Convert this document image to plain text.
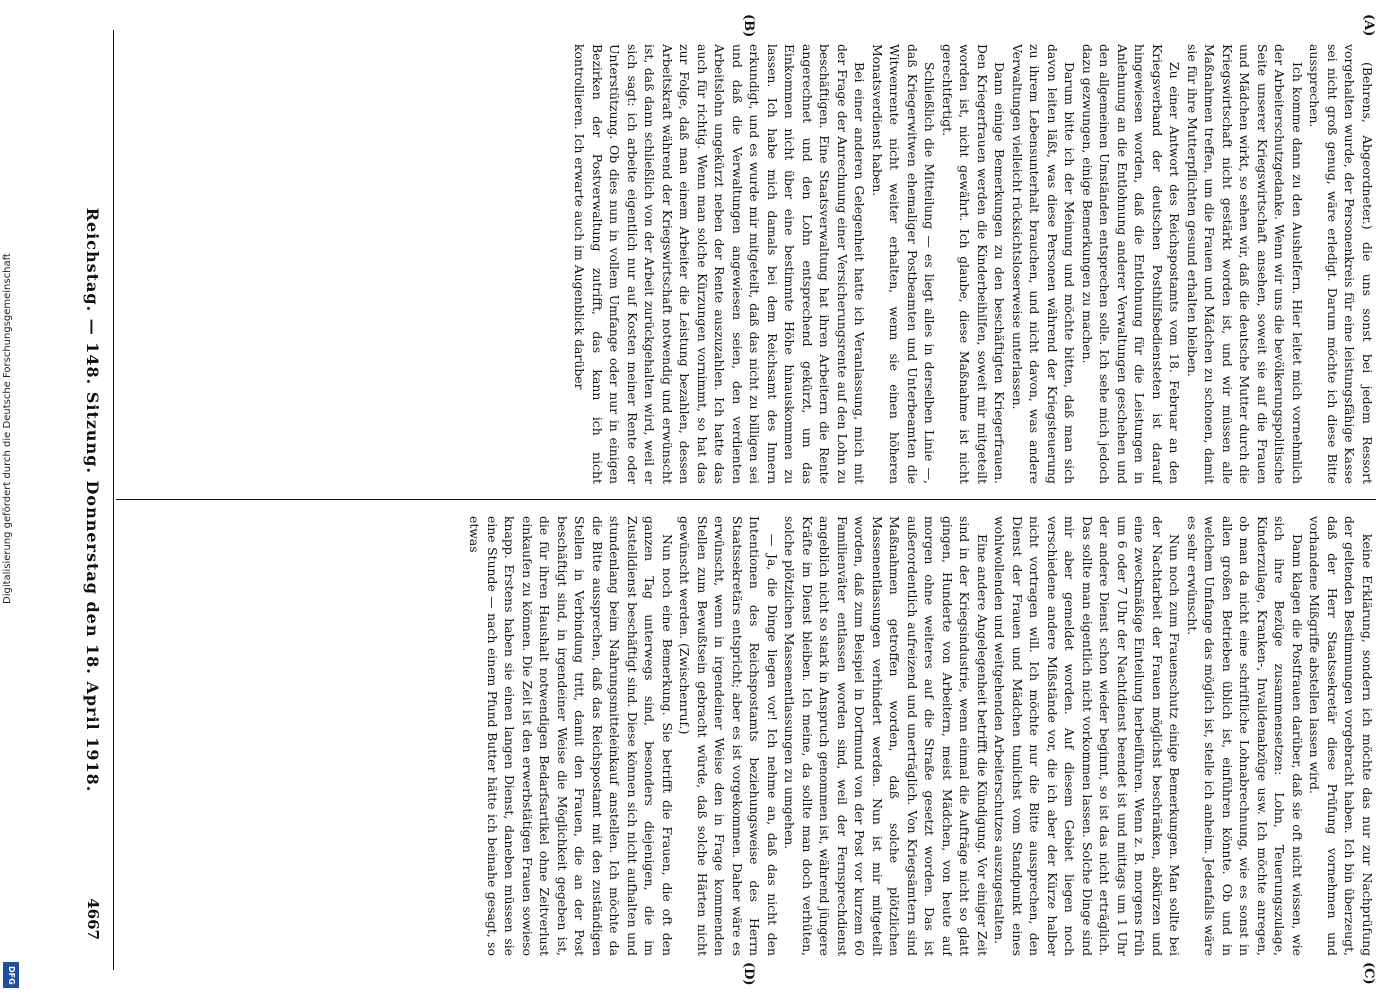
Digitalisierung gefördert durch die Deutsche Forschungsgemeinschaft
DFG

(Behrens, Abgeordneter.) die uns sonst bei jedem Ressort vorgehalten wurde, der Personenkreis für eine leistungsfähige Kasse sei nicht groß genug, wäre erledigt. Darum möchte ich diese Bitte aussprechen.

Ich komme dann zu den Aushelfern. Hier leitet mich vornehmlich der Arbeiterschutzgedanke. Wenn wir uns die bevölkerungspolitische Seite unserer Kriegswirtschaft ansehen, soweit sie auf die Frauen und Mädchen wirkt, so sehen wir, daß die deutsche Mutter durch die Kriegswirtschaft nicht gestärkt worden ist, und wir müssen alle Maßnahmen treffen, um die Frauen und Mädchen zu schonen, damit sie für ihre Mutterpflichten gesund erhalten bleiben.

Zu einer Antwort des Reichspostamts vom 18. Februar an den Kriegsverband der deutschen Posthilfsbediensteten ist darauf hingewiesen worden, daß die Entlohnung für die Leistungen in Anlehnung an die Entlohnung anderer Verwaltungen geschehen und den allgemeinen Umständen entsprechen solle. Ich sehe mich jedoch dazu gezwungen, einige Bemerkungen zu machen.

Darum bitte ich der Meinung und möchte bitten, daß man sich davon leiten läßt, was diese Personen während der Kriegsteuerung zu ihrem Lebensunterhalt brauchen, und nicht davon, was andere Verwaltungen vielleicht rücksichtsloserweise unterlassen.

Dann einige Bemerkungen zu den beschäftigten Kriegerfrauen. Den Kriegerfrauen werden die Kinderbeihilfen, soweit mir mitgeteilt worden ist, nicht gewährt. Ich glaube, diese Maßnahme ist nicht gerechtfertigt.

Schließlich die Mitteilung — es liegt alles in derselben Linie —, daß Kriegerwitwen ehemaliger Postbeamten und Unterbeamten die Witwenrente nicht weiter erhalten, wenn sie einen höheren Monatsverdienst haben.

Bei einer anderen Gelegenheit hatte ich Veranlassung, mich mit der Frage der Anrechnung einer Versicherungsrente auf den Lohn zu beschäftigen. Eine Staatsverwaltung hat ihren Arbeitern die Rente angerechnet und den Lohn entsprechend gekürzt, um das Einkommen nicht über eine bestimmte Höhe hinauskommen zu lassen. Ich habe mich damals bei dem Reichsamt des Innern erkundigt, und es wurde mir mitgeteilt, daß das nicht zu billigen sei und daß die Verwaltungen angewiesen seien, den verdienten Arbeitslohn ungekürzt neben der Rente auszuzahlen. Ich hatte das auch für richtig. Wenn man solche Kürzungen vornimmt, so hat das zur Folge, daß man einem Arbeiter die Leistung bezahlen, dessen Arbeitskraft während der Kriegswirtschaft notwendig und erwünscht ist, daß dann schließlich von der Arbeit zurückgehalten wird, weil er sich sagt: ich arbeite eigentlich nur auf Kosten meiner Rente oder Unterstützung. Ob dies nun in vollem Umfange oder nur in einigen Bezirken der Postverwaltung zutrifft, das kann ich nicht kontrollieren. Ich erwarte auch im Augenblick darüber

keine Erklärung, sondern ich möchte das nur zur Nachprüfung der geltenden Bestimmungen vorgebracht haben. Ich bin überzeugt, daß der Herr Staatssekretär diese Prüfung vornehmen und vorhandene Mißgriffe abstellen lassen wird.

Dann klagen die Postfrauen darüber, daß sie oft nicht wissen, wie sich ihre Bezüge zusammensetzen: Lohn, Teuerungszulage, Kinderzulage, Kranken-, Invalidenabzüge usw. Ich möchte anregen, ob man da nicht eine schriftliche Lohnabrechnung, wie es sonst in allen großen Betrieben üblich ist, einführen könnte. Ob und in welchem Umfange das möglich ist, stelle ich anheim. Jedenfalls wäre es sehr erwünscht.

Nun noch zum Frauenschutz einige Bemerkungen. Man sollte bei der Nachtarbeit der Frauen möglichst beschränken, abkürzen und eine zweckmäßige Einteilung herbeiführen. Wenn z. B. morgens früh um 6 oder 7 Uhr der Nachtdienst beendet ist und mittags um 1 Uhr der andere Dienst schon wieder beginnt, so ist das nicht erträglich. Das sollte man eigentlich nicht vorkommen lassen. Solche Dinge sind mir aber gemeldet worden. Auf diesem Gebiet liegen noch verschiedene andere Mißstände vor, die ich aber der Kürze halber nicht vortragen will. Ich möchte nur die Bitte aussprechen, den Dienst der Frauen und Mädchen tunlichst vom Standpunkt eines wohlwollenden und weitgehenden Arbeiterschutzes auszugestalten.

Eine andere Angelegenheit betrifft die Kündigung. Vor einiger Zeit sind in der Kriegsindustrie, wenn einmal die Aufträge nicht so glatt gingen, Hunderte von Arbeitern, meist Mädchen, von heute auf morgen ohne weiteres auf die Straße gesetzt worden. Das ist außerordentlich aufreizend und unerträglich. Von Kriegsämtern sind Maßnahmen getroffen worden, daß solche plötzlichen Massenentlassungen verhindert werden. Nun ist mir mitgeteilt worden, daß zum Beispiel in Dortmund von der Post vor kurzem 60 Familienväter entlassen worden sind, weil der Fernsprechdienst angeblich nicht so stark in Anspruch genommen ist, während jüngere Kräfte im Dienst bleiben. Ich meine, da sollte man doch verhüten, solche plötzlichen Massenentlassungen zu umgehen.

— Ja, die Dinge liegen vor! Ich nehme an, daß das nicht den Intentionen des Reichspostamts beziehungsweise des Herrn Staatssekretärs entspricht; aber es ist vorgekommen. Daher wäre es erwünscht, wenn in irgendeiner Weise den in Frage kommenden Stellen zum Bewußtsein gebracht würde, daß solche Härten nicht gewünscht werden. (Zwischenruf.)

Nun noch eine Bemerkung. Sie betrifft die Frauen, die oft den ganzen Tag unterwegs sind, besonders diejenigen, die im Zustelldienst beschäftigt sind. Diese können sich nicht aufhalten und stundenlang beim Nahrungsmitteleinkauf anstellen. Ich möchte da die Bitte aussprechen, daß das Reichspostamt mit den zuständigen Stellen in Verbindung tritt, damit den Frauen, die an der Post beschäftigt sind, in irgendeiner Weise die Möglichkeit gegeben ist, die für ihren Haushalt notwendigen Bedarfsartikel ohne Zeitverlust einkaufen zu können. Die Zeit ist den erwerbstätigen Frauen sowieso knapp. Erstens haben sie einen langen Dienst, daneben müssen sie eine Stunde — nach einem Pfund Butter hätte ich beinahe gesagt, so etwas

(A)
(B)
(C)
(D)
Reichstag. — 148. Sitzung. Donnerstag den 18. April 1918.
4667
